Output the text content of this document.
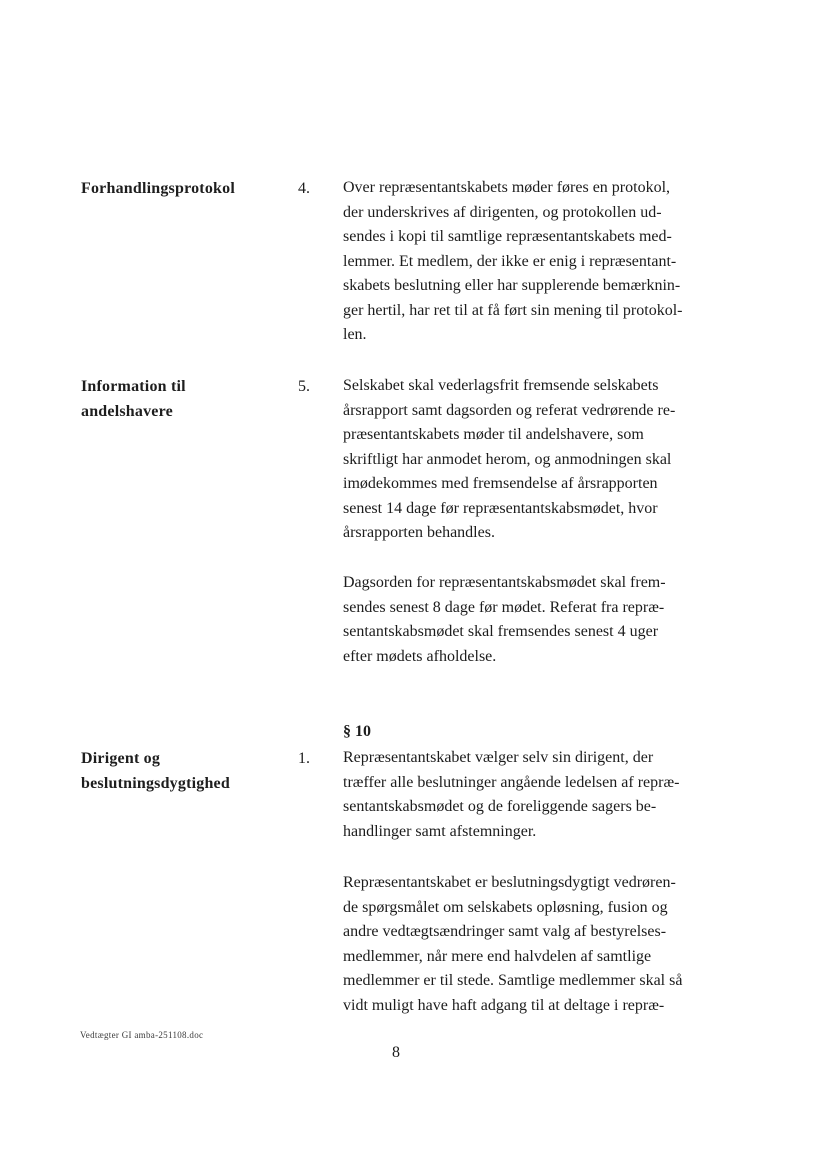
Forhandlingsprotokol	4. Over repræsentantskabets møder føres en protokol,
der underskrives af dirigenten, og protokollen ud-
sendes i kopi til samtlige repræsentantskabets med-
lemmer. Et medlem, der ikke er enig i repræsentant-
skabets beslutning eller har supplerende bemærknin-
ger hertil, har ret til at få ført sin mening til protokol-
len.
Information til
andelshavere
5. Selskabet skal vederlagsfrit fremsende selskabets
årsrapport samt dagsorden og referat vedrørende re-
præsentantskabets møder til andelshavere, som
skriftligt har anmodet herom, og anmodningen skal
imødekommes med fremsendelse af årsrapporten
senest 14 dage før repræsentantskabsmødet, hvor
årsrapporten behandles.
Dagsorden for repræsentantskabsmødet skal frem-
sendes senest 8 dage før mødet. Referat fra repræ-
sentantskabsmødet skal fremsendes senest 4 uger
efter mødets afholdelse.
§ 10
Dirigent og
beslutningsdygtighed
1. Repræsentantskabet vælger selv sin dirigent, der
træffer alle beslutninger angående ledelsen af repræ-
sentantskabsmødet og de foreliggende sagers be-
handlinger samt afstemninger.
Repræsentantskabet er beslutningsdygtigt vedrøren-
de spørgsmålet om selskabets opløsning, fusion og
andre vedtægtsændringer samt valg af bestyrelses-
medlemmer, når mere end halvdelen af samtlige
medlemmer er til stede. Samtlige medlemmer skal så
vidt muligt have haft adgang til at deltage i repræ-
Vedtægter GI amba-251108.doc
8
